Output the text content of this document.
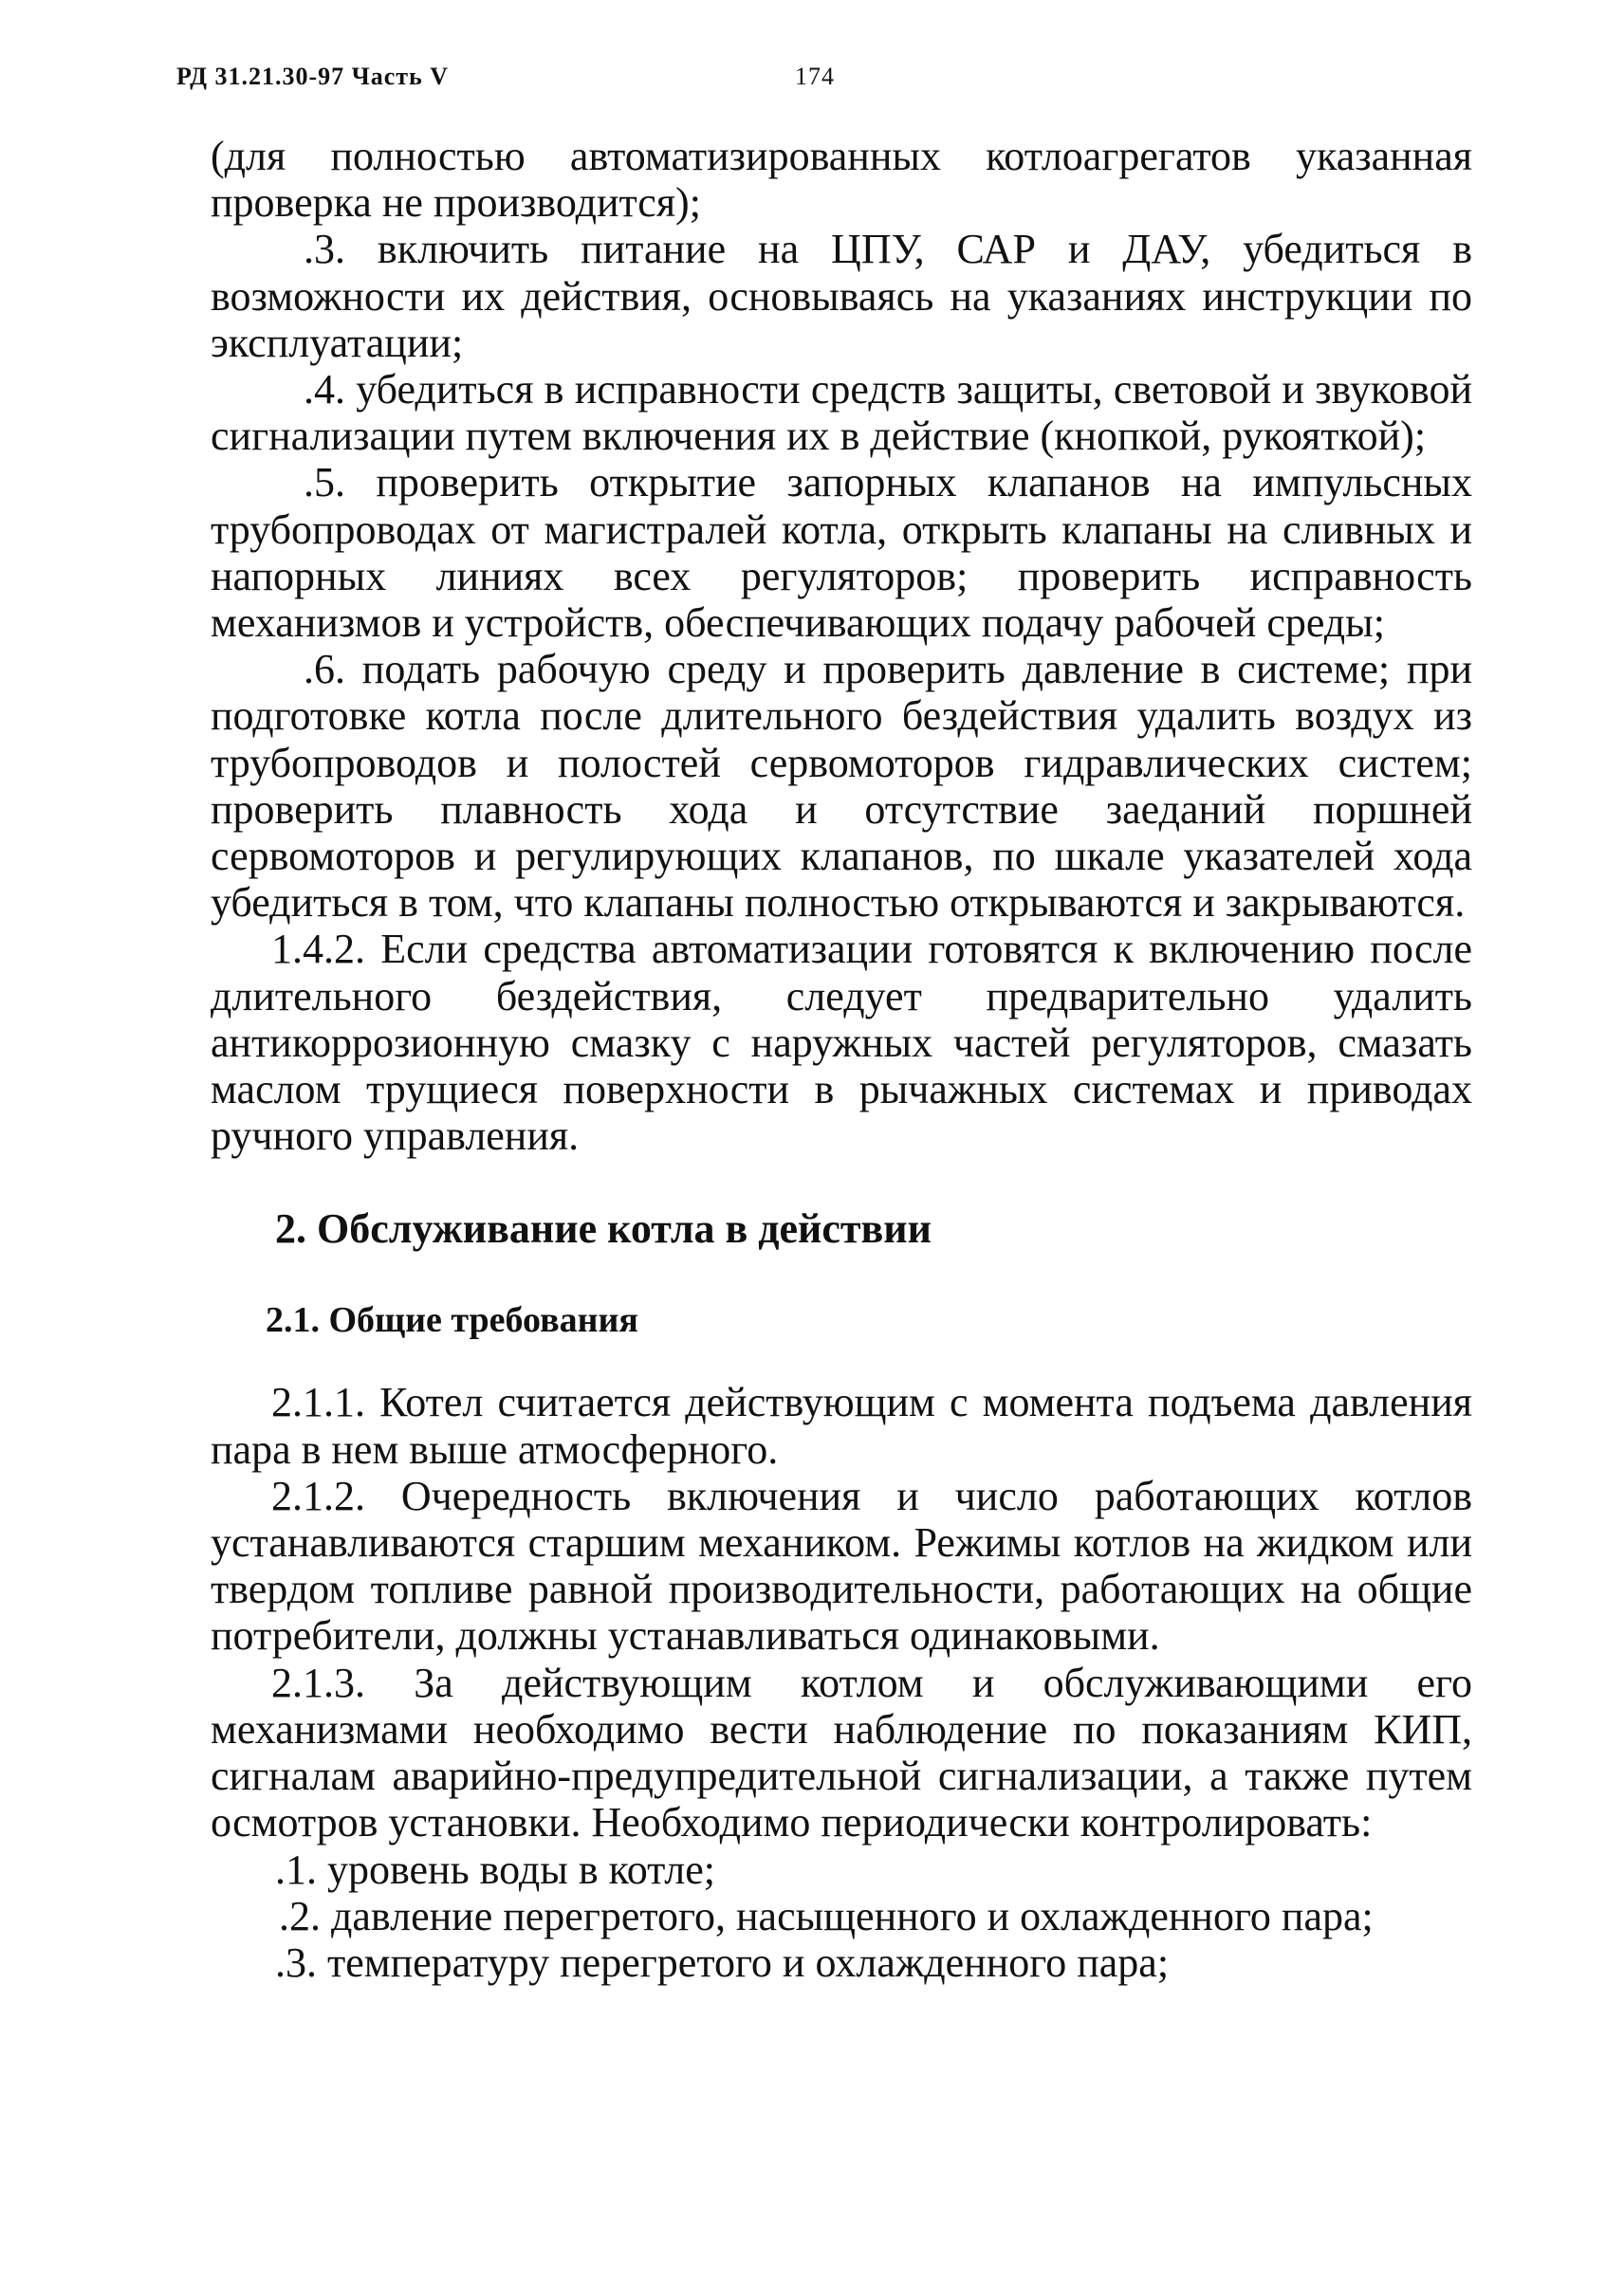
РД 31.21.30-97 Часть V	174

(для полностью автоматизированных котлоагрегатов указанная проверка не производится);

.3. включить питание на ЦПУ, САР и ДАУ, убедиться в возможности их действия, основываясь на указаниях инструкции по эксплуатации;

.4. убедиться в исправности средств защиты, световой и звуковой сигнализации путем включения их в действие (кнопкой, рукояткой);

.5. проверить открытие запорных клапанов на импульсных трубопроводах от магистралей котла, открыть клапаны на сливных и напорных линиях всех регуляторов; проверить исправность механизмов и устройств, обеспечивающих подачу рабочей среды;

.6. подать рабочую среду и проверить давление в системе; при подготовке котла после длительного бездействия удалить воздух из трубопроводов и полостей сервомоторов гидравлических систем; проверить плавность хода и отсутствие заеданий поршней сервомоторов и регулирующих клапанов, по шкале указателей хода убедиться в том, что клапаны полностью открываются и закрываются.

1.4.2. Если средства автоматизации готовятся к включению после длительного бездействия, следует предварительно удалить антикоррозионную смазку с наружных частей регуляторов, смазать маслом трущиеся поверхности в рычажных системах и приводах ручного управления.

2. Обслуживание котла в действии
2.1. Общие требования

2.1.1. Котел считается действующим с момента подъема давления пара в нем выше атмосферного.

2.1.2. Очередность включения и число работающих котлов устанавливаются старшим механиком. Режимы котлов на жидком или твердом топливе равной производительности, работающих на общие потребители, должны устанавливаться одинаковыми.

2.1.3. За действующим котлом и обслуживающими его механизмами необходимо вести наблюдение по показаниям КИП, сигналам аварийно-предупредительной сигнализации, а также путем осмотров установки. Необходимо периодически контролировать:

.1. уровень воды в котле;

.2. давление перегретого, насыщенного и охлажденного пара;

.3. температуру перегретого и охлажденного пара;
